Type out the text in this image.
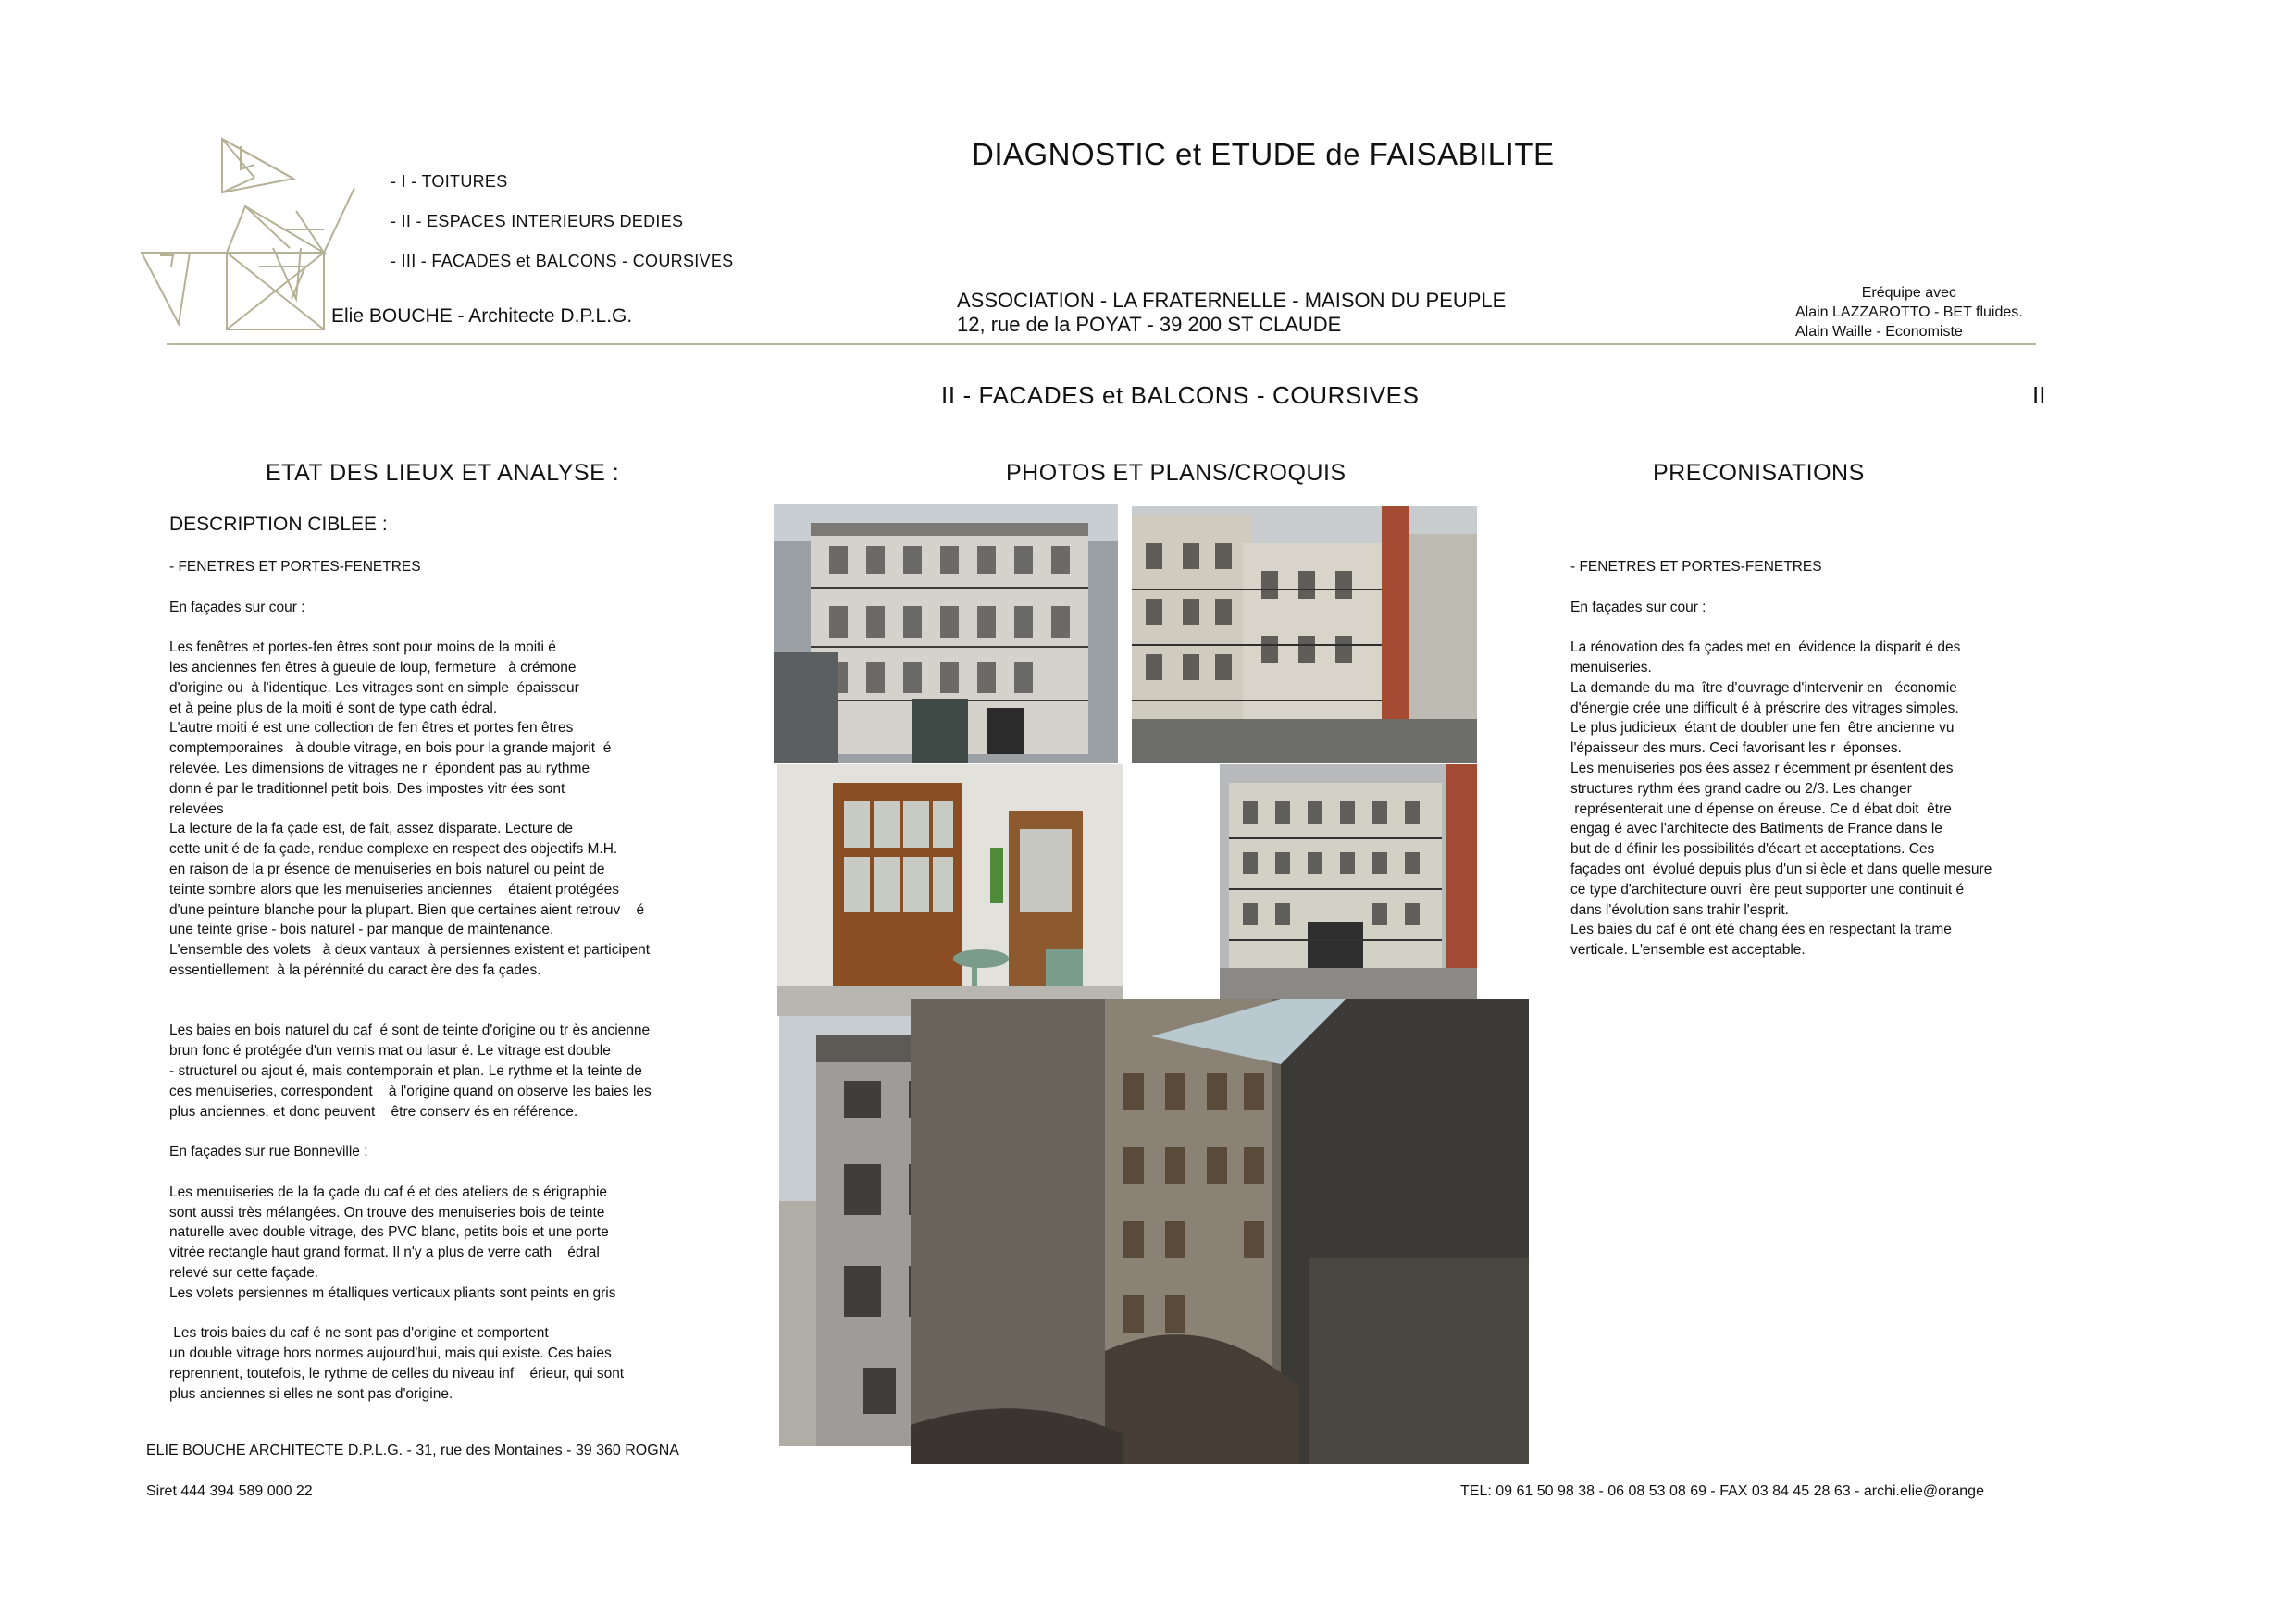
- I - TOITURES
- II - ESPACES INTERIEURS DEDIES
- III - FACADES et BALCONS - COURSIVES
DIAGNOSTIC et ETUDE de FAISABILITE
Elie BOUCHE - Architecte D.P.L.G.
ASSOCIATION - LA FRATERNELLE - MAISON DU PEUPLE
12, rue de la POYAT - 39 200 ST CLAUDE
Eréquipe avec
Alain LAZZAROTTO - BET fluides.
Alain Waille - Economiste
II - FACADES et BALCONS - COURSIVES	II
ETAT DES LIEUX ET ANALYSE :	PHOTOS ET PLANS/CROQUIS	PRECONISATIONS
DESCRIPTION CIBLEE :
- FENETRES ET PORTES-FENETRES

En façades sur cour :

Les fenêtres et portes-fen êtres sont pour moins de la moiti é
les anciennes fen êtres à gueule de loup, fermeture   à crémone
d'origine ou  à l'identique. Les vitrages sont en simple  épaisseur
et à peine plus de la moiti é sont de type cath édral.
L'autre moiti é est une collection de fen êtres et portes fen êtres
comptemporaines   à double vitrage, en bois pour la grande majorit  é
relevée. Les dimensions de vitrages ne r  épondent pas au rythme
donn é par le traditionnel petit bois. Des impostes vitr ées sont
relevées
La lecture de la fa çade est, de fait, assez disparate. Lecture de
cette unit é de fa çade, rendue complexe en respect des objectifs M.H.
en raison de la pr ésence de menuiseries en bois naturel ou peint de
teinte sombre alors que les menuiseries anciennes    étaient protégées
d'une peinture blanche pour la plupart. Bien que certaines aient retrouv    é
une teinte grise - bois naturel - par manque de maintenance.
L'ensemble des volets   à deux vantaux  à persiennes existent et participent
essentiellement  à la pérénnité du caract ère des fa çades.

Les baies en bois naturel du caf  é sont de teinte d'origine ou tr ès ancienne
brun fonc é protégée d'un vernis mat ou lasur é. Le vitrage est double
- structurel ou ajout é, mais contemporain et plan. Le rythme et la teinte de
ces menuiseries, correspondent    à l'origine quand on observe les baies les
plus anciennes, et donc peuvent    être conserv és en référence.

En façades sur rue Bonneville :

Les menuiseries de la fa çade du caf é et des ateliers de s érigraphie
sont aussi très mélangées. On trouve des menuiseries bois de teinte
naturelle avec double vitrage, des PVC blanc, petits bois et une porte
vitrée rectangle haut grand format. Il n'y a plus de verre cath    édral
relevé sur cette façade.
Les volets persiennes m étalliques verticaux pliants sont peints en gris

Les trois baies du caf é ne sont pas d'origine et comportent
un double vitrage hors normes aujourd'hui, mais qui existe. Ces baies
reprennent, toutefois, le rythme de celles du niveau inf    érieur, qui sont
plus anciennes si elles ne sont pas d'origine.
- FENETRES ET PORTES-FENETRES

En façades sur cour :

La rénovation des fa çades met en  évidence la disparit é des
menuiseries.
La demande du ma  ître d'ouvrage d'intervenir en   économie
d'énergie crée une difficult é à préscrire des vitrages simples.
Le plus judicieux  étant de doubler une fen  être ancienne vu
l'épaisseur des murs. Ceci favorisant les r  éponses.
Les menuiseries pos ées assez r écemment pr ésentent des
structures rythm ées grand cadre ou 2/3. Les changer
représenterait une d épense on éreuse. Ce d ébat doit  être
engag é avec l'architecte des Batiments de France dans le
but de d éfinir les possibilités d'écart et acceptations. Ces
façades ont  évolué depuis plus d'un si ècle et dans quelle mesure
ce type d'architecture ouvri  ère peut supporter une continuit é
dans l'évolution sans trahir l'esprit.
Les baies du caf é ont été chang ées en respectant la trame
verticale. L'ensemble est acceptable.
ELIE BOUCHE ARCHITECTE D.P.L.G. - 31, rue des Montaines - 39 360 ROGNA
Siret 444 394 589 000 22	TEL: 09 61 50 98 38 - 06 08 53 08 69 - FAX 03 84 45 28 63 - archi.elie@orange
